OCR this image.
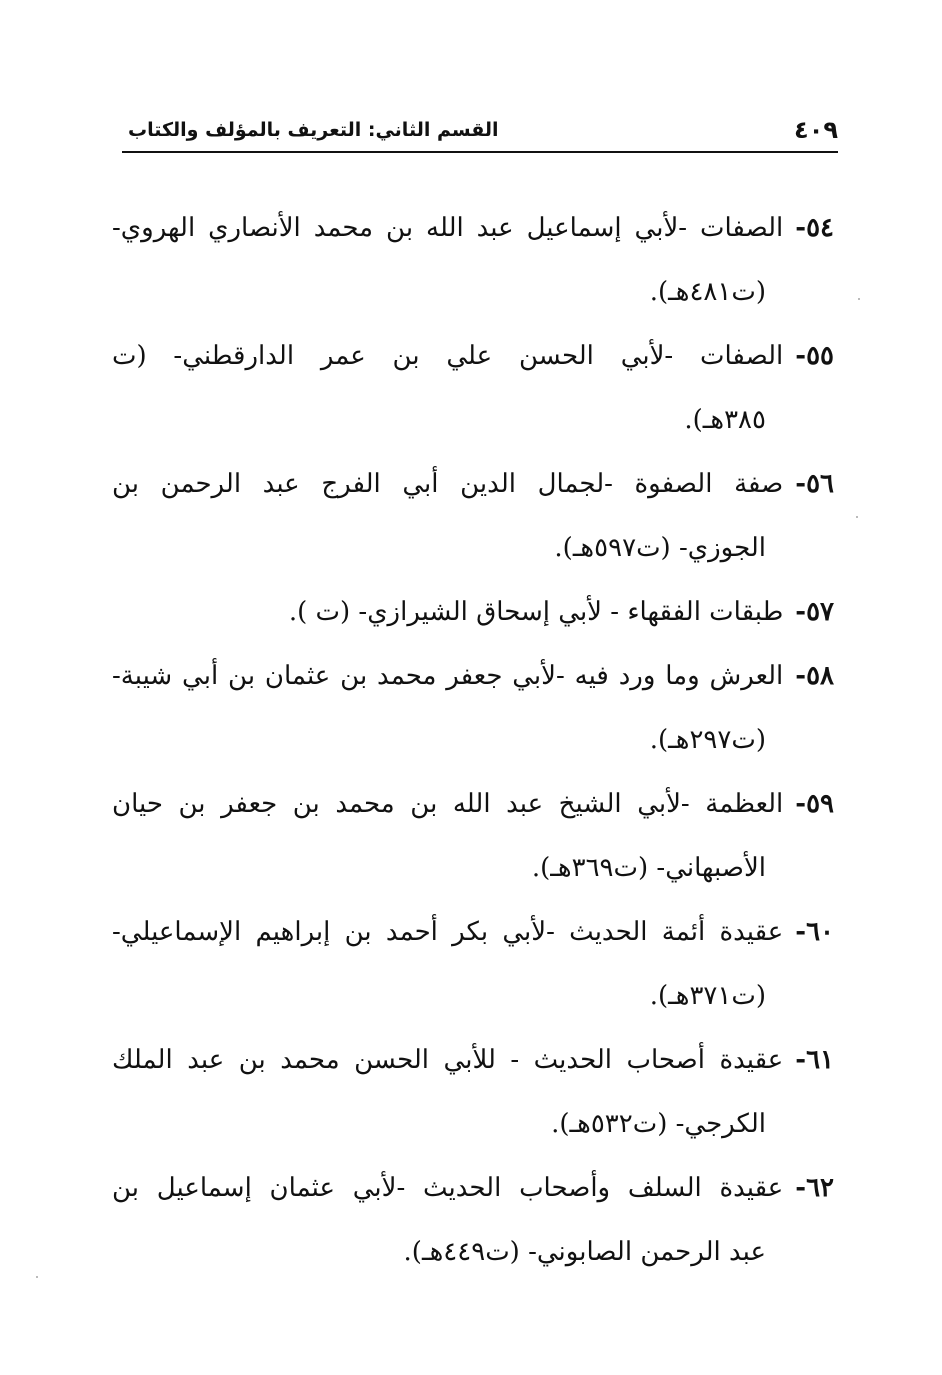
٤٠٩
القسم الثاني: التعريف بالمؤلف والكتاب
٥٤-الصفات -لأبي إسماعيل عبد الله بن محمد الأنصاري الهروي-
(ت٤٨١هـ).
٥٥-الصفات -لأبي الحسن علي بن عمر الدارقطني- (ت
٣٨٥هـ).
٥٦-صفة الصفوة -لجمال الدين أبي الفرج عبد الرحمن بن
الجوزي- (ت٥٩٧هـ).
٥٧-طبقات الفقهاء - لأبي إسحاق الشيرازي- (ت ).
٥٨-العرش وما ورد فيه -لأبي جعفر محمد بن عثمان بن أبي شيبة-
(ت٢٩٧هـ).
٥٩-العظمة -لأبي الشيخ عبد الله بن محمد بن جعفر بن حيان
الأصبهاني- (ت٣٦٩هـ).
٦٠-عقيدة أئمة الحديث -لأبي بكر أحمد بن إبراهيم الإسماعيلي-
(ت٣٧١هـ).
٦١-عقيدة أصحاب الحديث - للأبي الحسن محمد بن عبد الملك
الكرجي- (ت٥٣٢هـ).
٦٢-عقيدة السلف وأصحاب الحديث -لأبي عثمان إسماعيل بن
عبد الرحمن الصابوني- (ت٤٤٩هـ).
